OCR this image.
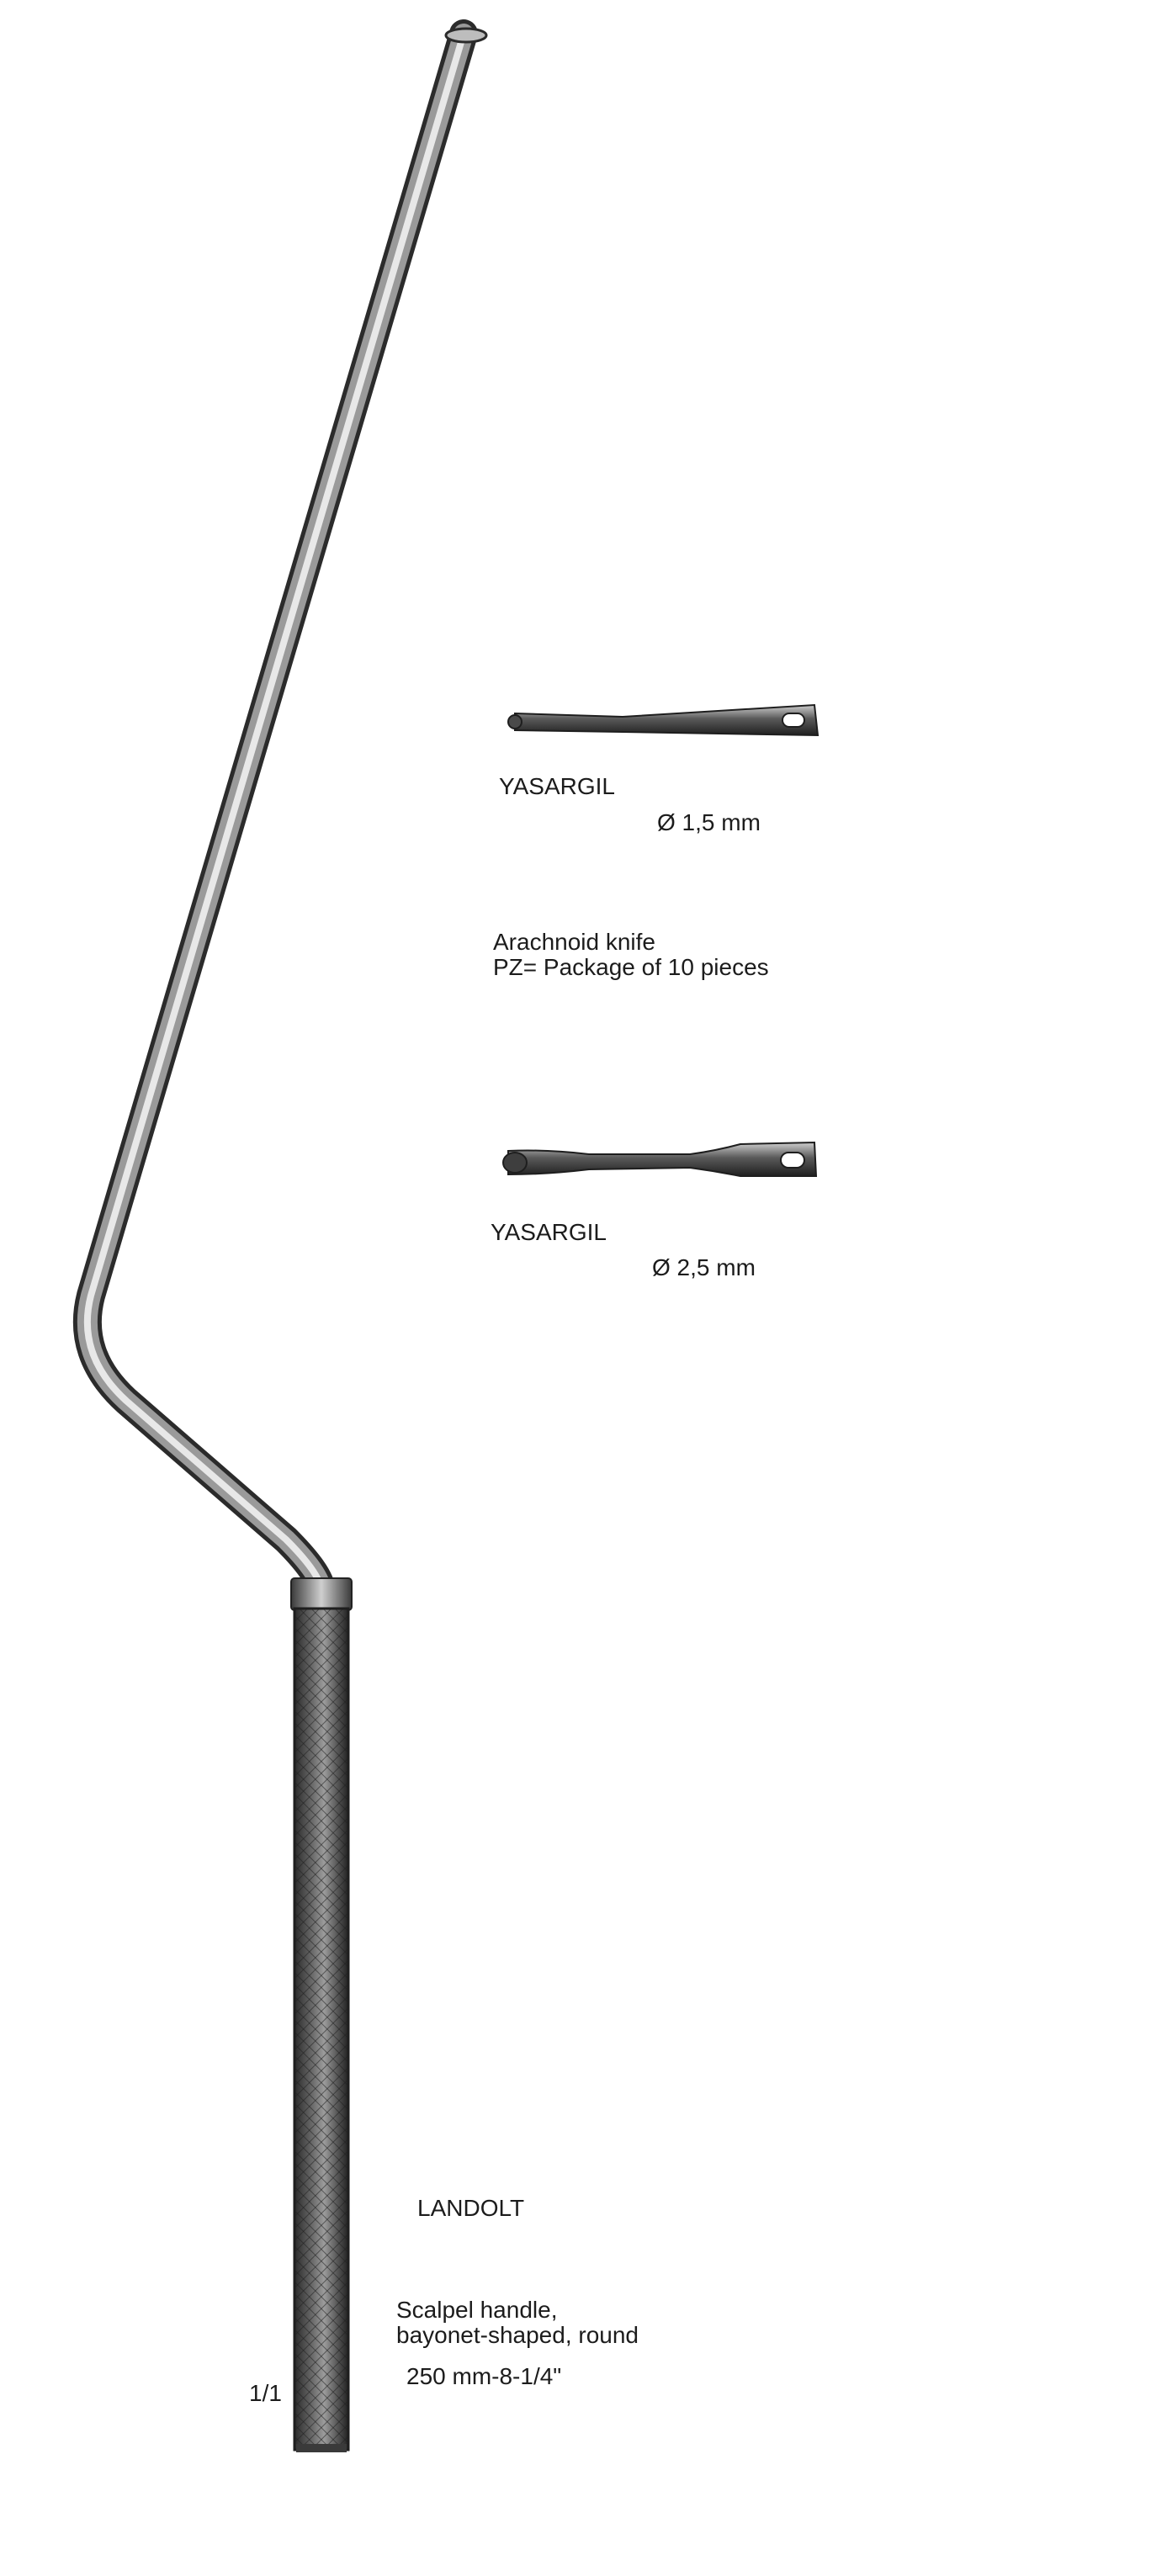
YASARGIL
Ø 1,5 mm
Arachnoid knife
PZ= Package of 10 pieces
YASARGIL
Ø 2,5 mm
LANDOLT
Scalpel handle,
bayonet-shaped, round
250 mm-8-1/4"
1/1
